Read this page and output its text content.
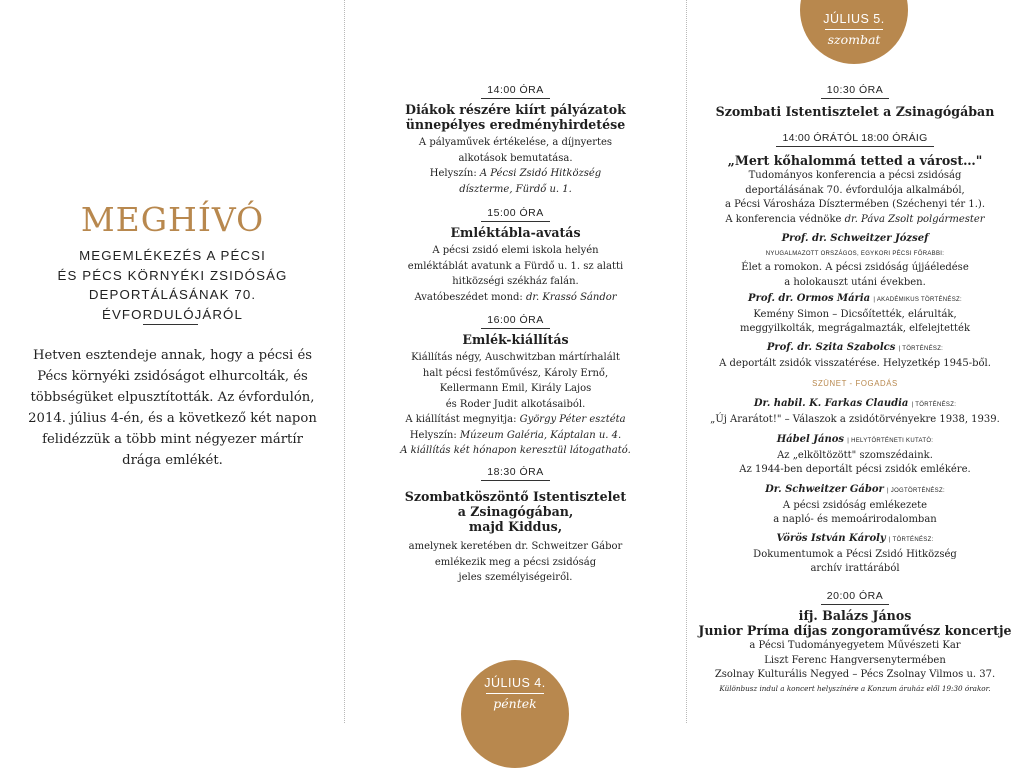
MEGHÍVÓ
MEGEMLÉKEZÉS A PÉCSI
ÉS PÉCS KÖRNYÉKI ZSIDÓSÁG
DEPORTÁLÁSÁNAK 70. ÉVFORDULÓJÁRÓL
Hetven esztendeje annak, hogy a pécsi és
Pécs környéki zsidóságot elhurcolták, és
többségüket elpusztították. Az évfordulón,
2014. július 4-én, és a következő két napon
felidézzük a több mint négyezer mártír
drága emlékét.
14:00 ÓRA
Diákok részére kiírt pályázatok
ünnepélyes eredményhirdetése
A pályaművek értékelése, a díjnyertes
alkotások bemutatása.
Helyszín: A Pécsi Zsidó Hitközség
díszterme, Fürdő u. 1.
15:00 ÓRA
Emléktábla-avatás
A pécsi zsidó elemi iskola helyén
emléktáblát avatunk a Fürdő u. 1. sz alatti
hitközségi székház falán.
Avatóbeszédet mond: dr. Krassó Sándor
16:00 ÓRA
Emlék-kiállítás
Kiállítás négy, Auschwitzban mártírhalált
halt pécsi festőművész, Károly Ernő,
Kellermann Emil, Király Lajos
és Roder Judit alkotásaiból.
A kiállítást megnyitja: György Péter esztéta
Helyszín: Múzeum Galéria, Káptalan u. 4.
A kiállítás két hónapon keresztül látogatható.
18:30 ÓRA
Szombatköszöntő Istentisztelet
a Zsinagógában,
majd Kiddus,
amelynek keretében dr. Schweitzer Gábor
emlékezik meg a pécsi zsidóság
jeles személyiségeiről.
JÚLIUS 4.
péntek
JÚLIUS 5.
szombat
10:30 ÓRA
Szombati Istentisztelet a Zsinagógában
14:00 ÓRÁTÓL 18:00 ÓRÁIG
„Mert kőhalommá tetted a várost…"
Tudományos konferencia a pécsi zsidóság
deportálásának 70. évfordulója alkalmából,
a Pécsi Városháza Dísztermében (Széchenyi tér 1.).
A konferencia védnöke dr. Páva Zsolt polgármester
Prof. dr. Schweitzer József
NYUGALMAZOTT ORSZÁGOS, EGYKORI PÉCSI FŐRABBI:
Élet a romokon. A pécsi zsidóság újjáéledése
a holokauszt utáni években.
Prof. dr. Ormos Mária | AKADÉMIKUS TÖRTÉNÉSZ:
Kemény Simon – Dicsőítették, elárulták,
meggyilkolták, megrágalmazták, elfelejtették
Prof. dr. Szita Szabolcs | TÖRTÉNÉSZ:
A deportált zsidók visszatérése. Helyzetkép 1945-ből.
SZÜNET - FOGADÁS
Dr. habil. K. Farkas Claudia | TÖRTÉNÉSZ:
„Új Ararátot!" – Válaszok a zsidótörvényekre 1938, 1939.
Hábel János | HELYTÖRTÉNETI KUTATÓ:
Az „elköltözött" szomszédaink.
Az 1944-ben deportált pécsi zsidók emlékére.
Dr. Schweitzer Gábor | JOGTÖRTÉNÉSZ:
A pécsi zsidóság emlékezete
a napló- és memoárirodalomban
Vörös István Károly | TÖRTÉNÉSZ:
Dokumentumok a Pécsi Zsidó Hitközség
archív irattárából
20:00 ÓRA
ifj. Balázs János
Junior Príma díjas zongoraművész koncertje
a Pécsi Tudományegyetem Művészeti Kar
Liszt Ferenc Hangversenytermében
Zsolnay Kulturális Negyed – Pécs Zsolnay Vilmos u. 37.
Különbusz indul a koncert helyszínére a Konzum áruház elől 19:30 órakor.
